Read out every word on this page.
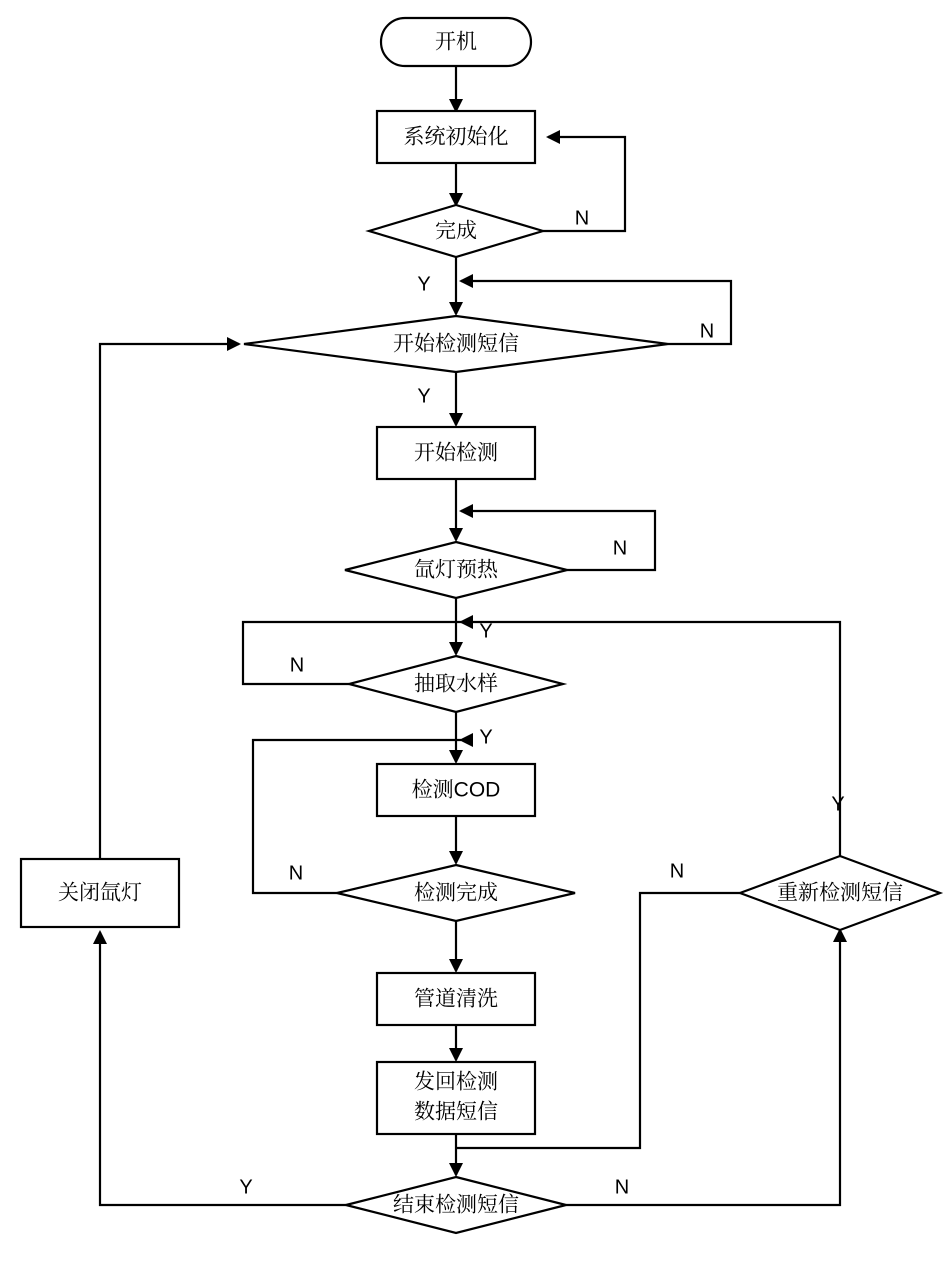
开机
系统初始化
完成
开始检测短信
开始检测
氙灯预热
抽取水样
检测COD
检测完成
管道清洗
发回检测
数据短信
结束检测短信
重新检测短信
关闭氙灯
N
Y
N
Y
N
Y
N
Y
N	N
Y
Y	N
